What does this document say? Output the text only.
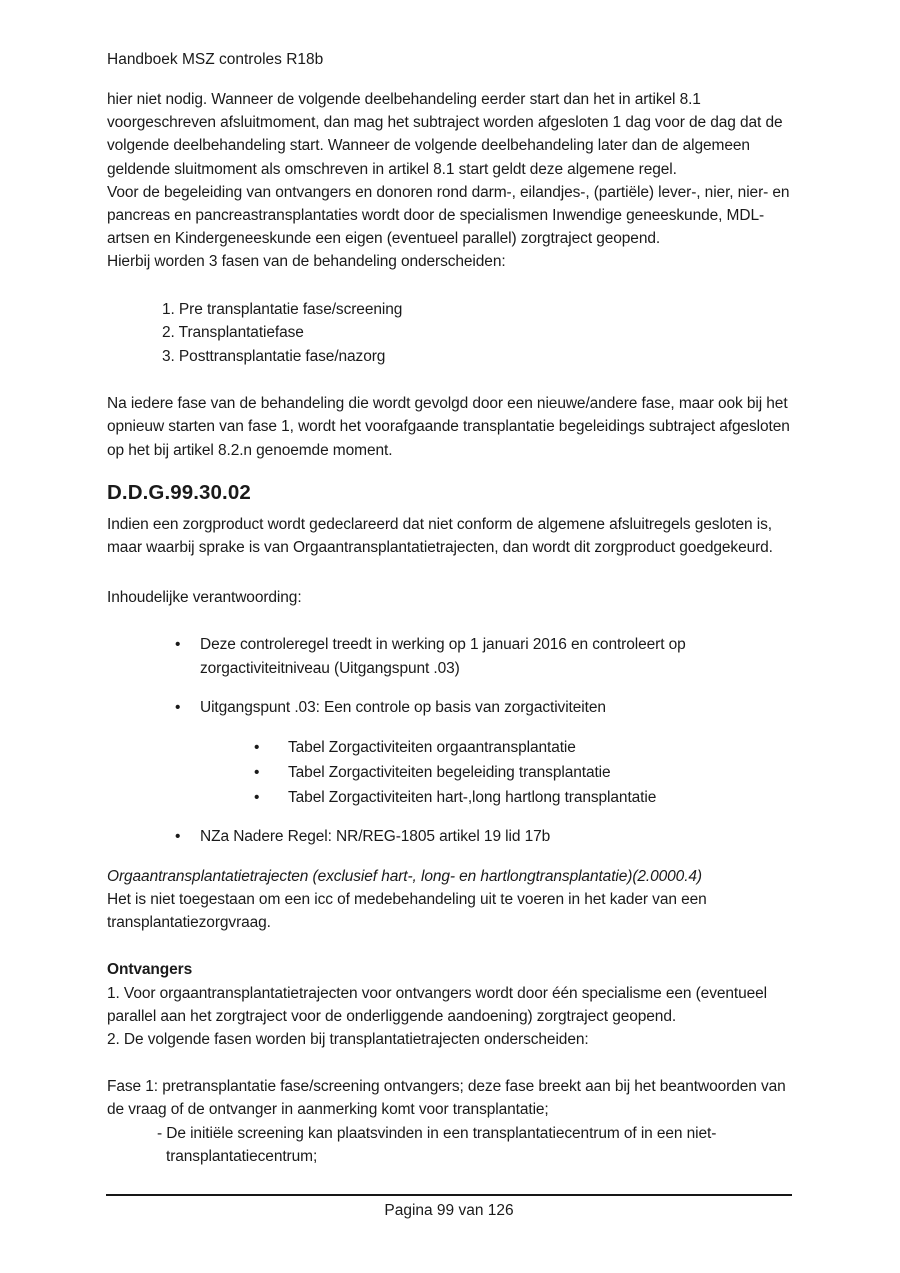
Handboek MSZ controles R18b

hier niet nodig. Wanneer de volgende deelbehandeling eerder start dan het in artikel 8.1 voorgeschreven afsluitmoment, dan mag het subtraject worden afgesloten 1 dag voor de dag dat de volgende deelbehandeling start. Wanneer de volgende deelbehandeling later dan de algemeen geldende sluitmoment als omschreven in artikel 8.1 start geldt deze algemene regel.

Voor de begeleiding van ontvangers en donoren rond darm-, eilandjes-, (partiële) lever-, nier, nier- en pancreas en pancreastransplantaties wordt door de specialismen Inwendige geneeskunde, MDL-artsen en Kindergeneeskunde een eigen (eventueel parallel) zorgtraject geopend.

Hierbij worden 3 fasen van de behandeling onderscheiden:

1. Pre transplantatie fase/screening
2. Transplantatiefase
3. Posttransplantatie fase/nazorg

Na iedere fase van de behandeling die wordt gevolgd door een nieuwe/andere fase, maar ook bij het opnieuw starten van fase 1, wordt het voorafgaande transplantatie begeleidings subtraject afgesloten op het bij artikel 8.2.n genoemde moment.

D.D.G.99.30.02

Indien een zorgproduct wordt gedeclareerd dat niet conform de algemene afsluitregels gesloten is, maar waarbij sprake is van Orgaantransplantatietrajecten, dan wordt dit zorgproduct goedgekeurd.

Inhoudelijke verantwoording:

• Deze controleregel treedt in werking op 1 januari 2016 en controleert op zorgactiviteitniveau (Uitgangspunt .03)
• Uitgangspunt .03: Een controle op basis van zorgactiviteiten
• Tabel Zorgactiviteiten orgaantransplantatie
• Tabel Zorgactiviteiten begeleiding transplantatie
• Tabel Zorgactiviteiten hart-,long hartlong transplantatie
• NZa Nadere Regel: NR/REG-1805 artikel 19 lid 17b

Orgaantransplantatietrajecten (exclusief hart-, long- en hartlongtransplantatie)(2.0000.4)

Het is niet toegestaan om een icc of medebehandeling uit te voeren in het kader van een transplantatiezorgvraag.

Ontvangers

1. Voor orgaantransplantatietrajecten voor ontvangers wordt door één specialisme een (eventueel parallel aan het zorgtraject voor de onderliggende aandoening) zorgtraject geopend.

2. De volgende fasen worden bij transplantatietrajecten onderscheiden:

Fase 1: pretransplantatie fase/screening ontvangers; deze fase breekt aan bij het beantwoorden van de vraag of de ontvanger in aanmerking komt voor transplantatie;

- De initiële screening kan plaatsvinden in een transplantatiecentrum of in een niet-transplantatiecentrum;
Pagina 99 van 126
